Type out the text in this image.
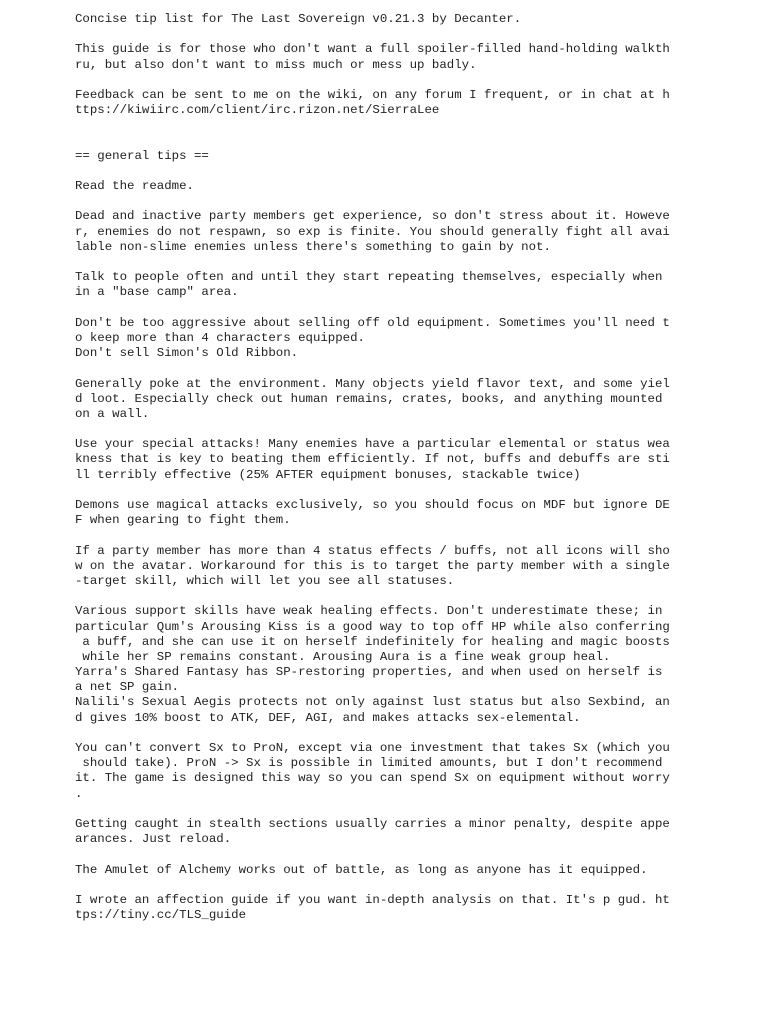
Concise tip list for The Last Sovereign v0.21.3 by Decanter.
This guide is for those who don't want a full spoiler-filled hand-holding walkth
ru, but also don't want to miss much or mess up badly.
Feedback can be sent to me on the wiki, on any forum I frequent, or in chat at h
ttps://kiwiirc.com/client/irc.rizon.net/SierraLee
== general tips ==
Read the readme.
Dead and inactive party members get experience, so don't stress about it. Howeve
r, enemies do not respawn, so exp is finite. You should generally fight all avai
lable non-slime enemies unless there's something to gain by not.
Talk to people often and until they start repeating themselves, especially when
in a "base camp" area.
Don't be too aggressive about selling off old equipment. Sometimes you'll need t
o keep more than 4 characters equipped.
Don't sell Simon's Old Ribbon.
Generally poke at the environment. Many objects yield flavor text, and some yiel
d loot. Especially check out human remains, crates, books, and anything mounted
on a wall.
Use your special attacks! Many enemies have a particular elemental or status wea
kness that is key to beating them efficiently. If not, buffs and debuffs are sti
ll terribly effective (25% AFTER equipment bonuses, stackable twice)
Demons use magical attacks exclusively, so you should focus on MDF but ignore DE
F when gearing to fight them.
If a party member has more than 4 status effects / buffs, not all icons will sho
w on the avatar. Workaround for this is to target the party member with a single
-target skill, which will let you see all statuses.
Various support skills have weak healing effects. Don't underestimate these; in
particular Qum's Arousing Kiss is a good way to top off HP while also conferring
a buff, and she can use it on herself indefinitely for healing and magic boosts
while her SP remains constant. Arousing Aura is a fine weak group heal.
Yarra's Shared Fantasy has SP-restoring properties, and when used on herself is
a net SP gain.
Nalili's Sexual Aegis protects not only against lust status but also Sexbind, an
d gives 10% boost to ATK, DEF, AGI, and makes attacks sex-elemental.
You can't convert Sx to ProN, except via one investment that takes Sx (which you
should take). ProN -> Sx is possible in limited amounts, but I don't recommend
it. The game is designed this way so you can spend Sx on equipment without worry
.
Getting caught in stealth sections usually carries a minor penalty, despite appe
arances. Just reload.
The Amulet of Alchemy works out of battle, as long as anyone has it equipped.
I wrote an affection guide if you want in-depth analysis on that. It's p gud. ht
tps://tiny.cc/TLS_guide
